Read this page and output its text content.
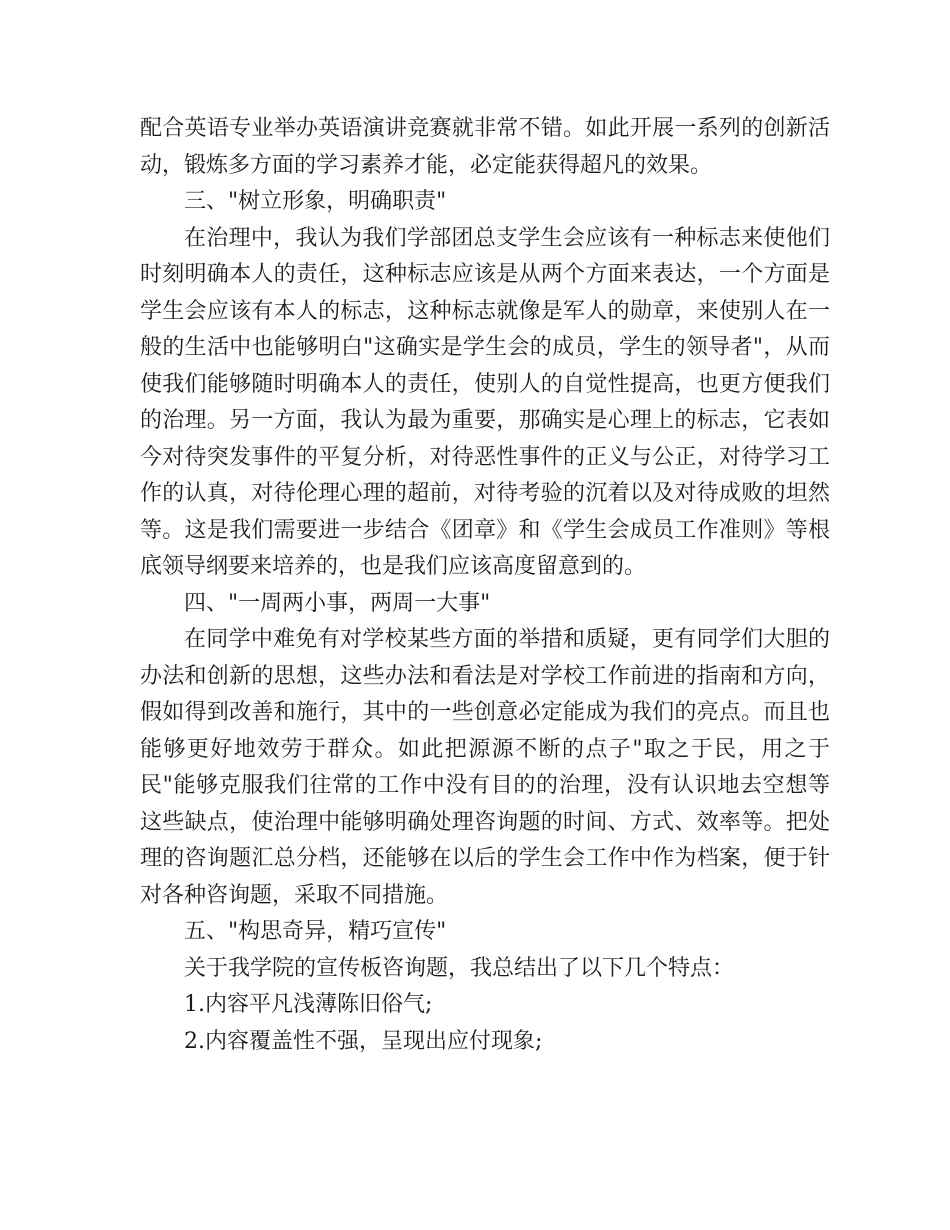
配合英语专业举办英语演讲竞赛就非常不错。如此开展一系列的创新活动，锻炼多方面的学习素养才能，必定能获得超凡的效果。

三、"树立形象，明确职责"

在治理中，我认为我们学部团总支学生会应该有一种标志来使他们时刻明确本人的责任，这种标志应该是从两个方面来表达，一个方面是学生会应该有本人的标志，这种标志就像是军人的勋章，来使别人在一般的生活中也能够明白"这确实是学生会的成员，学生的领导者"，从而使我们能够随时明确本人的责任，使别人的自觉性提高，也更方便我们的治理。另一方面，我认为最为重要，那确实是心理上的标志，它表如今对待突发事件的平复分析，对待恶性事件的正义与公正，对待学习工作的认真，对待伦理心理的超前，对待考验的沉着以及对待成败的坦然等。这是我们需要进一步结合《团章》和《学生会成员工作准则》等根底领导纲要来培养的，也是我们应该高度留意到的。

四、"一周两小事，两周一大事"

在同学中难免有对学校某些方面的举措和质疑，更有同学们大胆的办法和创新的思想，这些办法和看法是对学校工作前进的指南和方向，假如得到改善和施行，其中的一些创意必定能成为我们的亮点。而且也能够更好地效劳于群众。如此把源源不断的点子"取之于民，用之于民"能够克服我们往常的工作中没有目的的治理，没有认识地去空想等这些缺点，使治理中能够明确处理咨询题的时间、方式、效率等。把处理的咨询题汇总分档，还能够在以后的学生会工作中作为档案，便于针对各种咨询题，采取不同措施。

五、"构思奇异，精巧宣传"

关于我学院的宣传板咨询题，我总结出了以下几个特点：

1.内容平凡浅薄陈旧俗气;

2.内容覆盖性不强，呈现出应付现象;
